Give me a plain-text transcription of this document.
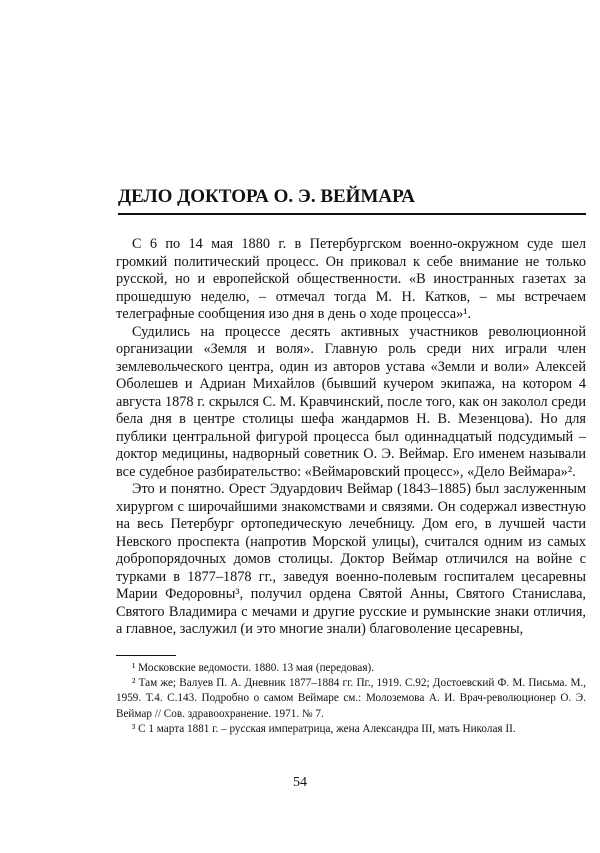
ДЕЛО ДОКТОРА О. Э. ВЕЙМАРА

С 6 по 14 мая 1880 г. в Петербургском военно-окружном суде шел громкий политический процесс. Он приковал к себе внимание не только русской, но и европейской общественности. «В иностранных газетах за прошедшую неделю, – отмечал тогда М. Н. Катков, – мы встречаем телеграфные сообщения изо дня в день о ходе процесса»¹.

Судились на процессе десять активных участников революционной организации «Земля и воля». Главную роль среди них играли член землевольческого центра, один из авторов устава «Земли и воли» Алексей Оболешев и Адриан Михайлов (бывший кучером экипажа, на котором 4 августа 1878 г. скрылся С. М. Кравчинский, после того, как он заколол среди бела дня в центре столицы шефа жандармов Н. В. Мезенцова). Но для публики центральной фигурой процесса был одиннадцатый подсудимый – доктор медицины, надворный советник О. Э. Веймар. Его именем называли все судебное разбирательство: «Веймаровский процесс», «Дело Веймара»².

Это и понятно. Орест Эдуардович Веймар (1843–1885) был заслуженным хирургом с широчайшими знакомствами и связями. Он содержал известную на весь Петербург ортопедическую лечебницу. Дом его, в лучшей части Невского проспекта (напротив Морской улицы), считался одним из самых добропорядочных домов столицы. Доктор Веймар отличился на войне с турками в 1877–1878 гг., заведуя военно-полевым госпиталем цесаревны Марии Федоровны³, получил ордена Святой Анны, Святого Станислава, Святого Владимира с мечами и другие русские и румынские знаки отличия, а главное, заслужил (и это многие знали) благоволение цесаревны,

¹ Московские ведомости. 1880. 13 мая (передовая).

² Там же; Валуев П. А. Дневник 1877–1884 гг. Пг., 1919. С.92; Достоевский Ф. М. Письма. М., 1959. Т.4. С.143. Подробно о самом Веймаре см.: Молоземова А. И. Врач-революционер О. Э. Веймар // Сов. здравоохранение. 1971. № 7.

³ С 1 марта 1881 г. – русская императрица, жена Александра III, мать Николая II.

54
